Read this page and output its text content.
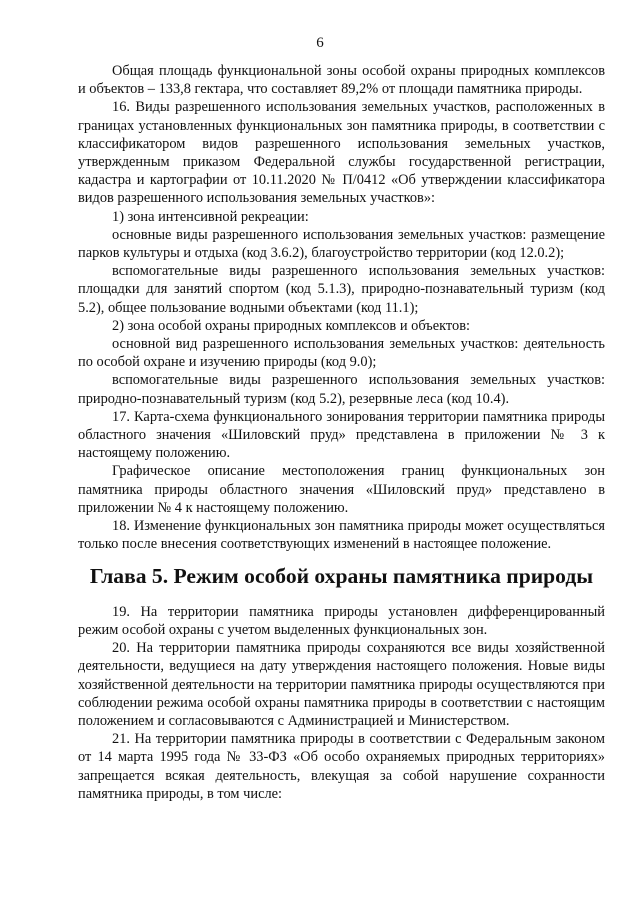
6

Общая площадь функциональной зоны особой охраны природных комплексов и объектов – 133,8 гектара, что составляет 89,2% от площади памятника природы.

16. Виды разрешенного использования земельных участков, расположенных в границах установленных функциональных зон памятника природы, в соответствии с классификатором видов разрешенного использования земельных участков, утвержденным приказом Федеральной службы государственной регистрации, кадастра и картографии от 10.11.2020 № П/0412 «Об утверждении классификатора видов разрешенного использования земельных участков»:

1) зона интенсивной рекреации:

основные виды разрешенного использования земельных участков: размещение парков культуры и отдыха (код 3.6.2), благоустройство территории (код 12.0.2);

вспомогательные виды разрешенного использования земельных участков: площадки для занятий спортом (код 5.1.3), природно-познавательный туризм (код 5.2), общее пользование водными объектами (код 11.1);

2) зона особой охраны природных комплексов и объектов:

основной вид разрешенного использования земельных участков: деятельность по особой охране и изучению природы (код 9.0);

вспомогательные виды разрешенного использования земельных участков: природно-познавательный туризм (код 5.2), резервные леса (код 10.4).

17. Карта-схема функционального зонирования территории памятника природы областного значения «Шиловский пруд» представлена в приложении № 3 к настоящему положению.

Графическое описание местоположения границ функциональных зон памятника природы областного значения «Шиловский пруд» представлено в приложении № 4 к настоящему положению.

18. Изменение функциональных зон памятника природы может осуществляться только после внесения соответствующих изменений в настоящее положение.

Глава 5. Режим особой охраны памятника природы

19. На территории памятника природы установлен дифференцированный режим особой охраны с учетом выделенных функциональных зон.

20. На территории памятника природы сохраняются все виды хозяйственной деятельности, ведущиеся на дату утверждения настоящего положения. Новые виды хозяйственной деятельности на территории памятника природы осуществляются при соблюдении режима особой охраны памятника природы в соответствии с настоящим положением и согласовываются с Администрацией и Министерством.

21. На территории памятника природы в соответствии с Федеральным законом от 14 марта 1995 года № 33-ФЗ «Об особо охраняемых природных территориях» запрещается всякая деятельность, влекущая за собой нарушение сохранности памятника природы, в том числе:
